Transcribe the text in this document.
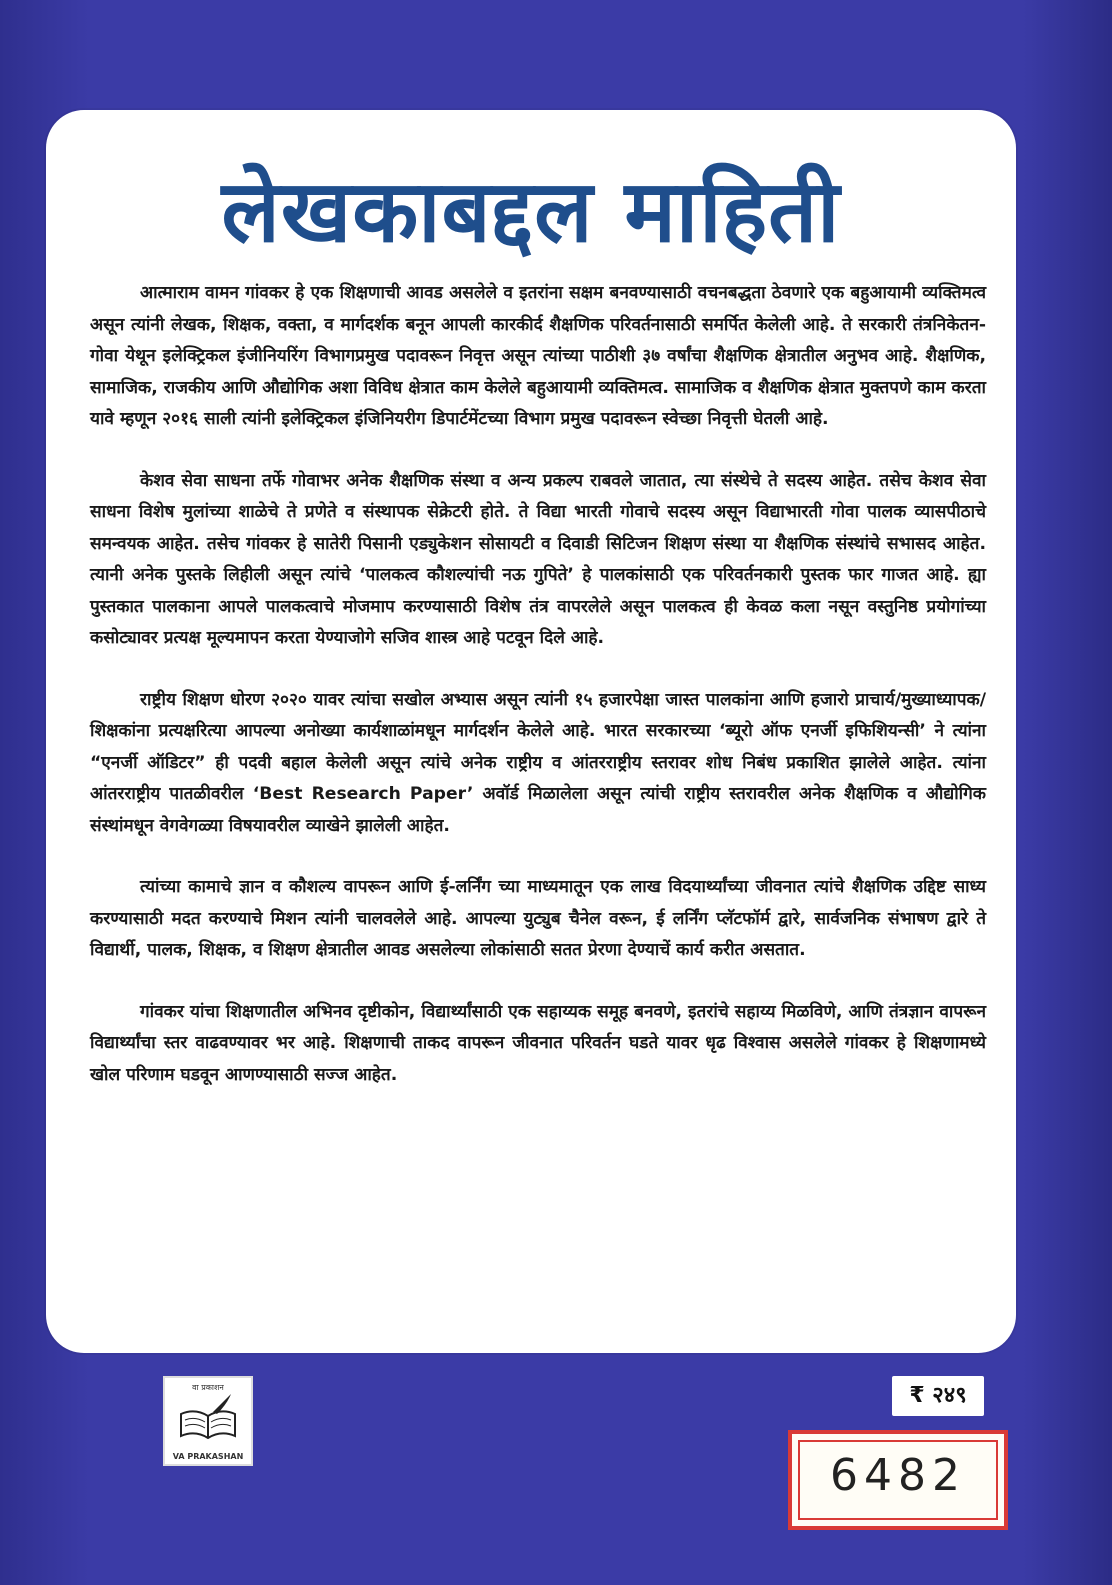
लेखकाबद्दल माहिती

आत्माराम वामन गांवकर हे एक शिक्षणाची आवड असलेले व इतरांना सक्षम बनवण्यासाठी वचनबद्धता ठेवणारे एक बहुआयामी व्यक्तिमत्व असून त्यांनी लेखक, शिक्षक, वक्ता, व मार्गदर्शक बनून आपली कारकीर्द शैक्षणिक परिवर्तनासाठी समर्पित केलेली आहे. ते सरकारी तंत्रनिकेतन-गोवा येथून इलेक्ट्रिकल इंजीनियरिंग विभागप्रमुख पदावरून निवृत्त असून त्यांच्या पाठीशी ३७ वर्षांचा शैक्षणिक क्षेत्रातील अनुभव आहे. शैक्षणिक, सामाजिक, राजकीय आणि औद्योगिक अशा विविध क्षेत्रात काम केलेले बहुआयामी व्यक्तिमत्व. सामाजिक व शैक्षणिक क्षेत्रात मुक्तपणे काम करता यावे म्हणून २०१६ साली त्यांनी इलेक्ट्रिकल इंजिनियरीग डिपार्टमेंटच्या विभाग प्रमुख पदावरून स्वेच्छा निवृत्ती घेतली आहे.

केशव सेवा साधना तर्फे गोवाभर अनेक शैक्षणिक संस्था व अन्य प्रकल्प राबवले जातात, त्या संस्थेचे ते सदस्य आहेत. तसेच केशव सेवा साधना विशेष मुलांच्या शाळेचे ते प्रणेते व संस्थापक सेक्रेटरी होते. ते विद्या भारती गोवाचे सदस्य असून विद्याभारती गोवा पालक व्यासपीठाचे समन्वयक आहेत. तसेच गांवकर हे सातेरी पिसानी एड्युकेशन सोसायटी व दिवाडी सिटिजन शिक्षण संस्था या शैक्षणिक संस्थांचे सभासद आहेत. त्यानी अनेक पुस्तके लिहीली असून त्यांचे ‘पालकत्व कौशल्यांची नऊ गुपिते’ हे पालकांसाठी एक परिवर्तनकारी पुस्तक फार गाजत आहे. ह्या पुस्तकात पालकाना आपले पालकत्वाचे मोजमाप करण्यासाठी विशेष तंत्र वापरलेले असून पालकत्व ही केवळ कला नसून वस्तुनिष्ठ प्रयोगांच्या कसोट्यावर प्रत्यक्ष मूल्यमापन करता येण्याजोगे सजिव शास्त्र आहे पटवून दिले आहे.

राष्ट्रीय शिक्षण धोरण २०२० यावर त्यांचा सखोल अभ्यास असून त्यांनी १५ हजारपेक्षा जास्त पालकांना आणि हजारो प्राचार्य/मुख्याध्यापक/शिक्षकांना प्रत्यक्षरित्या आपल्या अनोख्या कार्यशाळांमधून मार्गदर्शन केलेले आहे. भारत सरकारच्या ‘ब्यूरो ऑफ एनर्जी इफिशियन्सी’ ने त्यांना “एनर्जी ऑडिटर” ही पदवी बहाल केलेली असून त्यांचे अनेक राष्ट्रीय व आंतरराष्ट्रीय स्तरावर शोध निबंध प्रकाशित झालेले आहेत. त्यांना आंतरराष्ट्रीय पातळीवरील ‘Best Research Paper’ अवॉर्ड मिळालेला असून त्यांची राष्ट्रीय स्तरावरील अनेक शैक्षणिक व औद्योगिक संस्थांमधून वेगवेगळ्या विषयावरील व्याखेने झालेली आहेत.

त्यांच्या कामाचे ज्ञान व कौशल्य वापरून आणि ई-लर्निंग च्या माध्यमातून एक लाख विदयार्थ्यांच्या जीवनात त्यांचे शैक्षणिक उद्दिष्ट साध्य करण्यासाठी मदत करण्याचे मिशन त्यांनी चालवलेले आहे. आपल्या युट्युब चैनेल वरून, ई लर्निंग प्लॅटफॉर्म द्वारे, सार्वजनिक संभाषण द्वारे ते विद्यार्थी, पालक, शिक्षक, व शिक्षण क्षेत्रातील आवड असलेल्या लोकांसाठी सतत प्रेरणा देण्याचें कार्य करीत असतात.

गांवकर यांचा शिक्षणातील अभिनव दृष्टीकोन, विद्यार्थ्यांसाठी एक सहाय्यक समूह बनवणे, इतरांचे सहाय्य मिळविणे, आणि तंत्रज्ञान वापरून विद्यार्थ्यांचा स्तर वाढवण्यावर भर आहे. शिक्षणाची ताकद वापरून जीवनात परिवर्तन घडते यावर धृढ विश्वास असलेले गांवकर हे शिक्षणामध्ये खोल परिणाम घडवून आणण्यासाठी सज्ज आहेत.

वा प्रकाशन
VA PRAKASHAN
₹ २४९
6482
